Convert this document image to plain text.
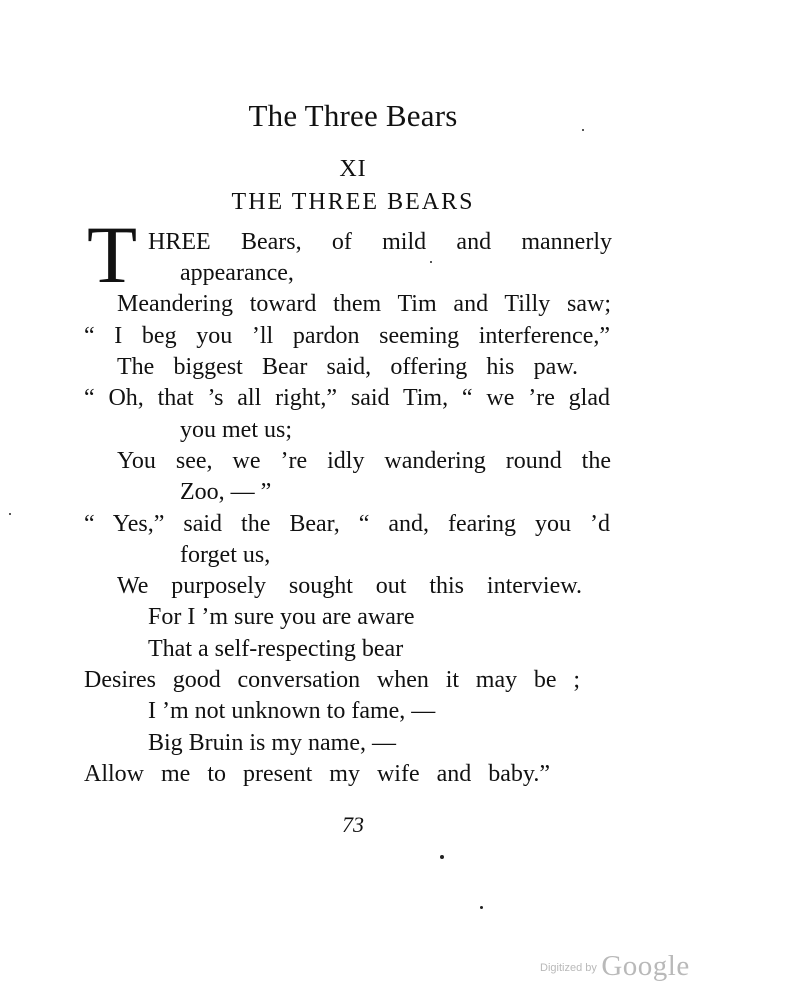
The Three Bears
XI
THE THREE BEARS
T HREE Bears, of mild and mannerly
appearance,
Meandering toward them Tim and Tilly saw;
“ I beg you ’ll pardon seeming interference,”
The biggest Bear said, offering his paw.
“ Oh, that ’s all right,” said Tim, “ we ’re glad
you met us;
You see, we ’re idly wandering round the
Zoo, — ”
“ Yes,” said the Bear, “ and, fearing you ’d
forget us,
We purposely sought out this interview.
For I ’m sure you are aware
That a self-respecting bear
Desires good conversation when it may be ;
I ’m not unknown to fame, —
Big Bruin is my name, —
Allow me to present my wife and baby.”
73
$^{Digitized by}$ Google
